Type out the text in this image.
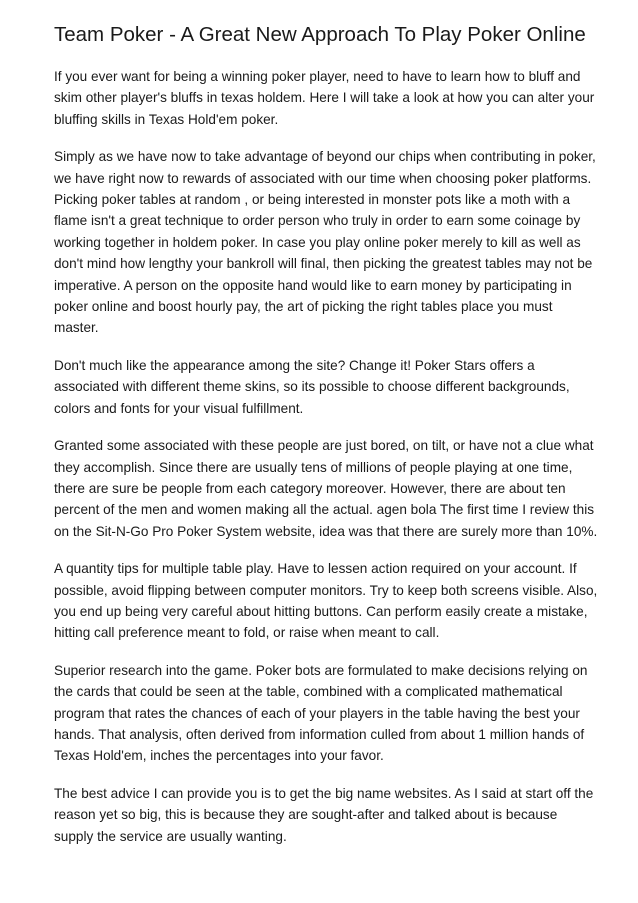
Team Poker - A Great New Approach To Play Poker Online

If you ever want for being a winning poker player, need to have to learn how to bluff and skim other player's bluffs in texas holdem. Here I will take a look at how you can alter your bluffing skills in Texas Hold'em poker.

Simply as we have now to take advantage of beyond our chips when contributing in poker, we have right now to rewards of associated with our time when choosing poker platforms. Picking poker tables at random , or being interested in monster pots like a moth with a flame isn't a great technique to order person who truly in order to earn some coinage by working together in holdem poker. In case you play online poker merely to kill as well as don't mind how lengthy your bankroll will final, then picking the greatest tables may not be imperative. A person on the opposite hand would like to earn money by participating in poker online and boost hourly pay, the art of picking the right tables place you must master.

Don't much like the appearance among the site? Change it! Poker Stars offers a associated with different theme skins, so its possible to choose different backgrounds, colors and fonts for your visual fulfillment.

Granted some associated with these people are just bored, on tilt, or have not a clue what they accomplish. Since there are usually tens of millions of people playing at one time, there are sure be people from each category moreover. However, there are about ten percent of the men and women making all the actual. agen bola The first time I review this on the Sit-N-Go Pro Poker System website, idea was that there are surely more than 10%.

A quantity tips for multiple table play. Have to lessen action required on your account. If possible, avoid flipping between computer monitors. Try to keep both screens visible. Also, you end up being very careful about hitting buttons. Can perform easily create a mistake, hitting call preference meant to fold, or raise when meant to call.

Superior research into the game. Poker bots are formulated to make decisions relying on the cards that could be seen at the table, combined with a complicated mathematical program that rates the chances of each of your players in the table having the best your hands. That analysis, often derived from information culled from about 1 million hands of Texas Hold'em, inches the percentages into your favor.

The best advice I can provide you is to get the big name websites. As I said at start off the reason yet so big, this is because they are sought-after and talked about is because supply the service are usually wanting.
